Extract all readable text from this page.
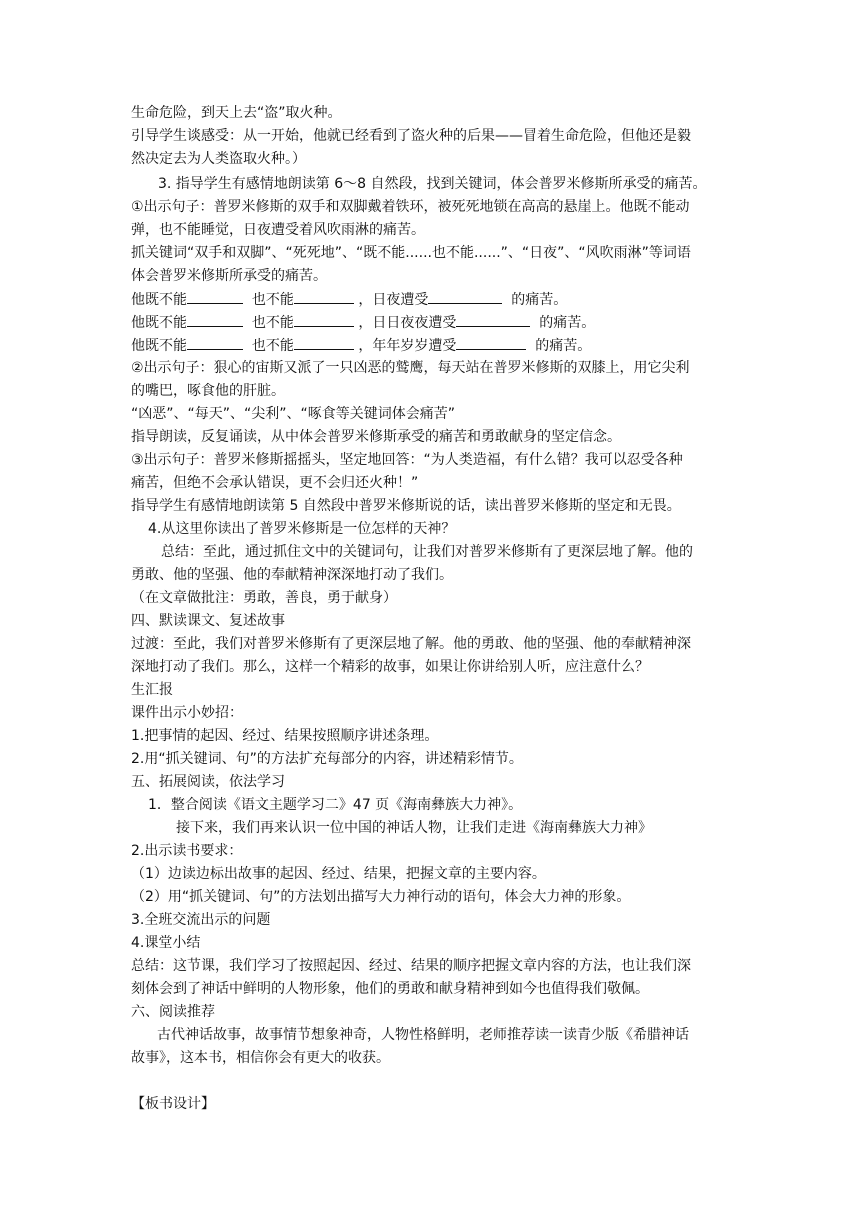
生命危险，到天上去“盗”取火种。
引导学生谈感受：从一开始，他就已经看到了盗火种的后果——冒着生命危险，但他还是毅
然决定去为人类盗取火种。）
3. 指导学生有感情地朗读第 6～8 自然段，找到关键词，体会普罗米修斯所承受的痛苦。
①出示句子：普罗米修斯的双手和双脚戴着铁环，被死死地锁在高高的悬崖上。他既不能动
弹，也不能睡觉，日夜遭受着风吹雨淋的痛苦。
抓关键词“双手和双脚”、“死死地”、“既不能......也不能......”、“日夜”、“风吹雨淋”等词语
体会普罗米修斯所承受的痛苦。
他既不能	也不能	，日夜遭受	的痛苦。
他既不能	也不能	，日日夜夜遭受	的痛苦。
他既不能	也不能	，年年岁岁遭受	的痛苦。
②出示句子：狠心的宙斯又派了一只凶恶的鹫鹰，每天站在普罗米修斯的双膝上，用它尖利
的嘴巴，啄食他的肝脏。
“凶恶”、“每天”、“尖利”、“啄食等关键词体会痛苦”
指导朗读，反复诵读，从中体会普罗米修斯承受的痛苦和勇敢献身的坚定信念。
③出示句子：普罗米修斯摇摇头，坚定地回答：“为人类造福，有什么错？我可以忍受各种
痛苦，但绝不会承认错误，更不会归还火种！”
指导学生有感情地朗读第 5 自然段中普罗米修斯说的话，读出普罗米修斯的坚定和无畏。
4.从这里你读出了普罗米修斯是一位怎样的天神？
总结：至此，通过抓住文中的关键词句，让我们对普罗米修斯有了更深层地了解。他的
勇敢、他的坚强、他的奉献精神深深地打动了我们。
（在文章做批注：勇敢，善良，勇于献身）
四、默读课文、复述故事
过渡：至此，我们对普罗米修斯有了更深层地了解。他的勇敢、他的坚强、他的奉献精神深
深地打动了我们。那么，这样一个精彩的故事，如果让你讲给别人听，应注意什么？
生汇报
课件出示小妙招：
1.把事情的起因、经过、结果按照顺序讲述条理。
2.用“抓关键词、句”的方法扩充每部分的内容，讲述精彩情节。
五、拓展阅读，依法学习
1．整合阅读《语文主题学习二》47 页《海南彝族大力神》。
接下来，我们再来认识一位中国的神话人物，让我们走进《海南彝族大力神》
2.出示读书要求：
（1）边读边标出故事的起因、经过、结果，把握文章的主要内容。
（2）用“抓关键词、句”的方法划出描写大力神行动的语句，体会大力神的形象。
3.全班交流出示的问题
4.课堂小结
总结：这节课，我们学习了按照起因、经过、结果的顺序把握文章内容的方法，也让我们深
刻体会到了神话中鲜明的人物形象，他们的勇敢和献身精神到如今也值得我们敬佩。
六、阅读推荐
古代神话故事，故事情节想象神奇，人物性格鲜明，老师推荐读一读青少版《希腊神话
故事》，这本书，相信你会有更大的收获。
【板书设计】
